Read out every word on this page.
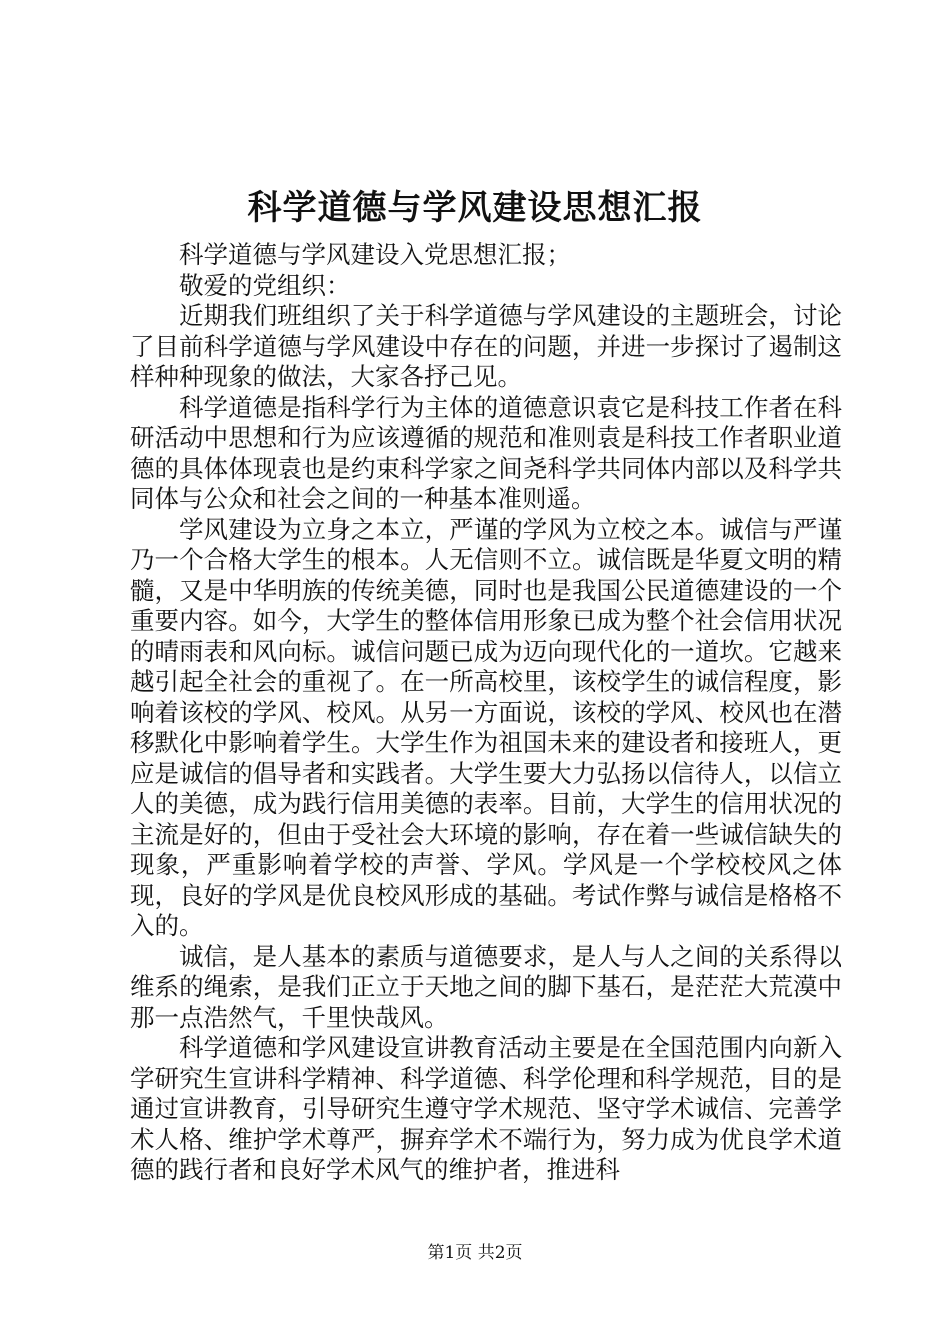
科学道德与学风建设思想汇报

科学道德与学风建设入党思想汇报；

敬爱的党组织：

近期我们班组织了关于科学道德与学风建设的主题班会，讨论了目前科学道德与学风建设中存在的问题，并进一步探讨了遏制这样种种现象的做法，大家各抒己见。

科学道德是指科学行为主体的道德意识袁它是科技工作者在科研活动中思想和行为应该遵循的规范和准则袁是科技工作者职业道德的具体体现袁也是约束科学家之间尧科学共同体内部以及科学共同体与公众和社会之间的一种基本准则遥。

学风建设为立身之本立，严谨的学风为立校之本。诚信与严谨乃一个合格大学生的根本。人无信则不立。诚信既是华夏文明的精髓，又是中华明族的传统美德，同时也是我国公民道德建设的一个重要内容。如今，大学生的整体信用形象已成为整个社会信用状况的晴雨表和风向标。诚信问题已成为迈向现代化的一道坎。它越来越引起全社会的重视了。在一所高校里，该校学生的诚信程度，影响着该校的学风、校风。从另一方面说，该校的学风、校风也在潜移默化中影响着学生。大学生作为祖国未来的建设者和接班人，更应是诚信的倡导者和实践者。大学生要大力弘扬以信待人，以信立人的美德，成为践行信用美德的表率。目前，大学生的信用状况的主流是好的，但由于受社会大环境的影响，存在着一些诚信缺失的现象，严重影响着学校的声誉、学风。学风是一个学校校风之体现，良好的学风是优良校风形成的基础。考试作弊与诚信是格格不入的。

诚信，是人基本的素质与道德要求，是人与人之间的关系得以维系的绳索，是我们正立于天地之间的脚下基石，是茫茫大荒漠中那一点浩然气，千里快哉风。

科学道德和学风建设宣讲教育活动主要是在全国范围内向新入学研究生宣讲科学精神、科学道德、科学伦理和科学规范，目的是通过宣讲教育，引导研究生遵守学术规范、坚守学术诚信、完善学术人格、维护学术尊严，摒弃学术不端行为，努力成为优良学术道德的践行者和良好学术风气的维护者，推进科

第1页 共2页
